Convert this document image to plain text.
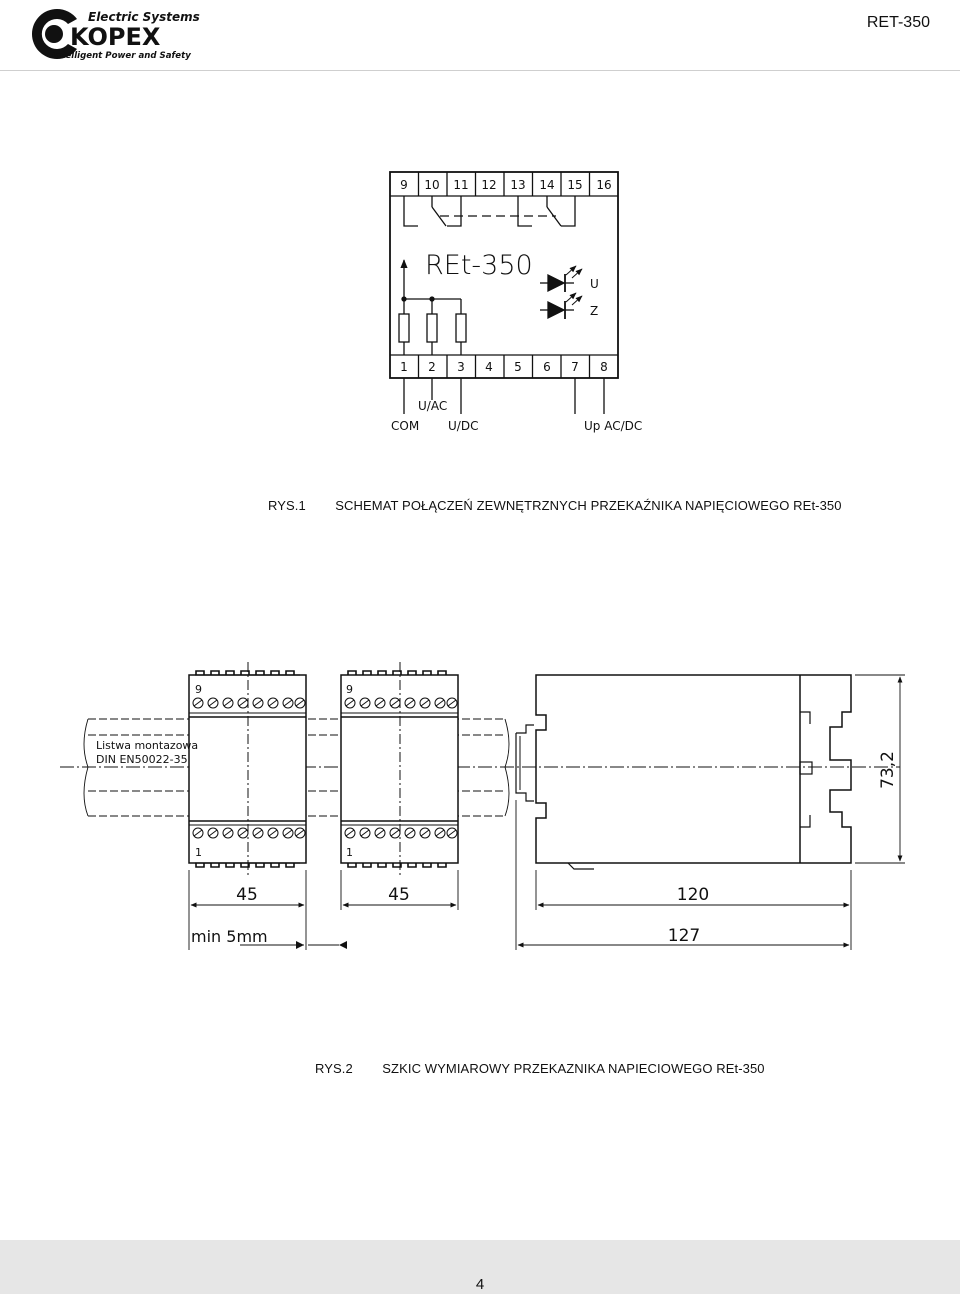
Electric Systems
KOPEX
Intelligent Power and Safety
RET-350
9 10 11 12 13 14 15 16
1 2 3 4 5 6 7 8
REt-350
U
Z
U/AC
COM U/DC	Up AC/DC
9	9
1	1
Listwa montazowa
DIN EN50022-35
45	45
min 5mm
120
127
73,2
RYS.1 SCHEMAT POŁĄCZEŃ ZEWNĘTRZNYCH PRZEKAŹNIKA NAPIĘCIOWEGO REt-350
RYS.2 SZKIC WYMIAROWY PRZEKAZNIKA NAPIECIOWEGO REt-350
4
